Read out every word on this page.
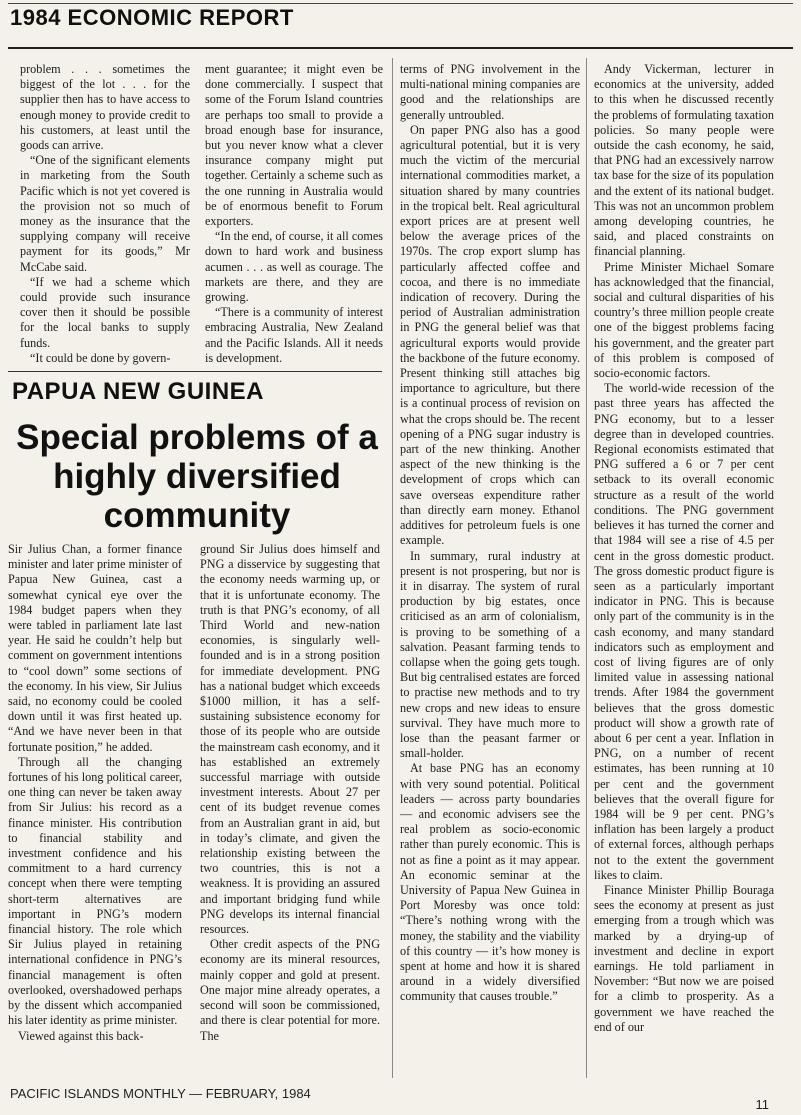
1984 ECONOMIC REPORT

problem . . . sometimes the biggest of the lot . . . for the supplier then has to have access to enough money to provide credit to his customers, at least until the goods can arrive.

“One of the significant elements in marketing from the South Pacific which is not yet covered is the provision not so much of money as the insurance that the supplying company will receive payment for its goods,” Mr McCabe said.

“If we had a scheme which could provide such insurance cover then it should be possible for the local banks to supply funds.

“It could be done by govern-

ment guarantee; it might even be done commercially. I suspect that some of the Forum Island countries are perhaps too small to provide a broad enough base for insurance, but you never know what a clever insurance company might put together. Certainly a scheme such as the one running in Australia would be of enormous benefit to Forum exporters.

“In the end, of course, it all comes down to hard work and business acumen . . . as well as courage. The markets are there, and they are growing.

“There is a community of interest embracing Australia, New Zealand and the Pacific Islands. All it needs is development.

PAPUA NEW GUINEA
Special problems of a highly diversified community

Sir Julius Chan, a former finance minister and later prime minister of Papua New Guinea, cast a somewhat cynical eye over the 1984 budget papers when they were tabled in parliament late last year. He said he couldn’t help but comment on government intentions to “cool down” some sections of the economy. In his view, Sir Julius said, no economy could be cooled down until it was first heated up. “And we have never been in that fortunate position,” he added.

Through all the changing fortunes of his long political career, one thing can never be taken away from Sir Julius: his record as a finance minister. His contribution to financial stability and investment confidence and his commitment to a hard currency concept when there were tempting short-term alternatives are important in PNG’s modern financial history. The role which Sir Julius played in retaining international confidence in PNG’s financial management is often overlooked, overshadowed perhaps by the dissent which accompanied his later identity as prime minister.

Viewed against this back-

ground Sir Julius does himself and PNG a disservice by suggesting that the economy needs warming up, or that it is unfortunate economy. The truth is that PNG’s economy, of all Third World and new-nation economies, is singularly well-founded and is in a strong position for immediate development. PNG has a national budget which exceeds $1000 million, it has a self-sustaining subsistence economy for those of its people who are outside the mainstream cash economy, and it has established an extremely successful marriage with outside investment interests. About 27 per cent of its budget revenue comes from an Australian grant in aid, but in today’s climate, and given the relationship existing between the two countries, this is not a weakness. It is providing an assured and important bridging fund while PNG develops its internal financial resources.

Other credit aspects of the PNG economy are its mineral resources, mainly copper and gold at present. One major mine already operates, a second will soon be commissioned, and there is clear potential for more. The

terms of PNG involvement in the multi-national mining companies are good and the relationships are generally untroubled.

On paper PNG also has a good agricultural potential, but it is very much the victim of the mercurial international commodities market, a situation shared by many countries in the tropical belt. Real agricultural export prices are at present well below the average prices of the 1970s. The crop export slump has particularly affected coffee and cocoa, and there is no immediate indication of recovery. During the period of Australian administration in PNG the general belief was that agricultural exports would provide the backbone of the future economy. Present thinking still attaches big importance to agriculture, but there is a continual process of revision on what the crops should be. The recent opening of a PNG sugar industry is part of the new thinking. Another aspect of the new thinking is the development of crops which can save overseas expenditure rather than directly earn money. Ethanol additives for petroleum fuels is one example.

In summary, rural industry at present is not prospering, but nor is it in disarray. The system of rural production by big estates, once criticised as an arm of colonialism, is proving to be something of a salvation. Peasant farming tends to collapse when the going gets tough. But big centralised estates are forced to practise new methods and to try new crops and new ideas to ensure survival. They have much more to lose than the peasant farmer or small-holder.

At base PNG has an economy with very sound potential. Political leaders — across party boundaries — and economic advisers see the real problem as socio-economic rather than purely economic. This is not as fine a point as it may appear. An economic seminar at the University of Papua New Guinea in Port Moresby was once told: “There’s nothing wrong with the money, the stability and the viability of this country — it’s how money is spent at home and how it is shared around in a widely diversified community that causes trouble.”

Andy Vickerman, lecturer in economics at the university, added to this when he discussed recently the problems of formulating taxation policies. So many people were outside the cash economy, he said, that PNG had an excessively narrow tax base for the size of its population and the extent of its national budget. This was not an uncommon problem among developing countries, he said, and placed constraints on financial planning.

Prime Minister Michael Somare has acknowledged that the financial, social and cultural disparities of his country’s three million people create one of the biggest problems facing his government, and the greater part of this problem is composed of socio-economic factors.

The world-wide recession of the past three years has affected the PNG economy, but to a lesser degree than in developed countries. Regional economists estimated that PNG suffered a 6 or 7 per cent setback to its overall economic structure as a result of the world conditions. The PNG government believes it has turned the corner and that 1984 will see a rise of 4.5 per cent in the gross domestic product. The gross domestic product figure is seen as a particularly important indicator in PNG. This is because only part of the community is in the cash economy, and many standard indicators such as employment and cost of living figures are of only limited value in assessing national trends. After 1984 the government believes that the gross domestic product will show a growth rate of about 6 per cent a year. Inflation in PNG, on a number of recent estimates, has been running at 10 per cent and the government believes that the overall figure for 1984 will be 9 per cent. PNG’s inflation has been largely a product of external forces, although perhaps not to the extent the government likes to claim.

Finance Minister Phillip Bouraga sees the economy at present as just emerging from a trough which was marked by a drying-up of investment and decline in export earnings. He told parliament in November: “But now we are poised for a climb to prosperity. As a government we have reached the end of our

PACIFIC ISLANDS MONTHLY — FEBRUARY, 1984
11
